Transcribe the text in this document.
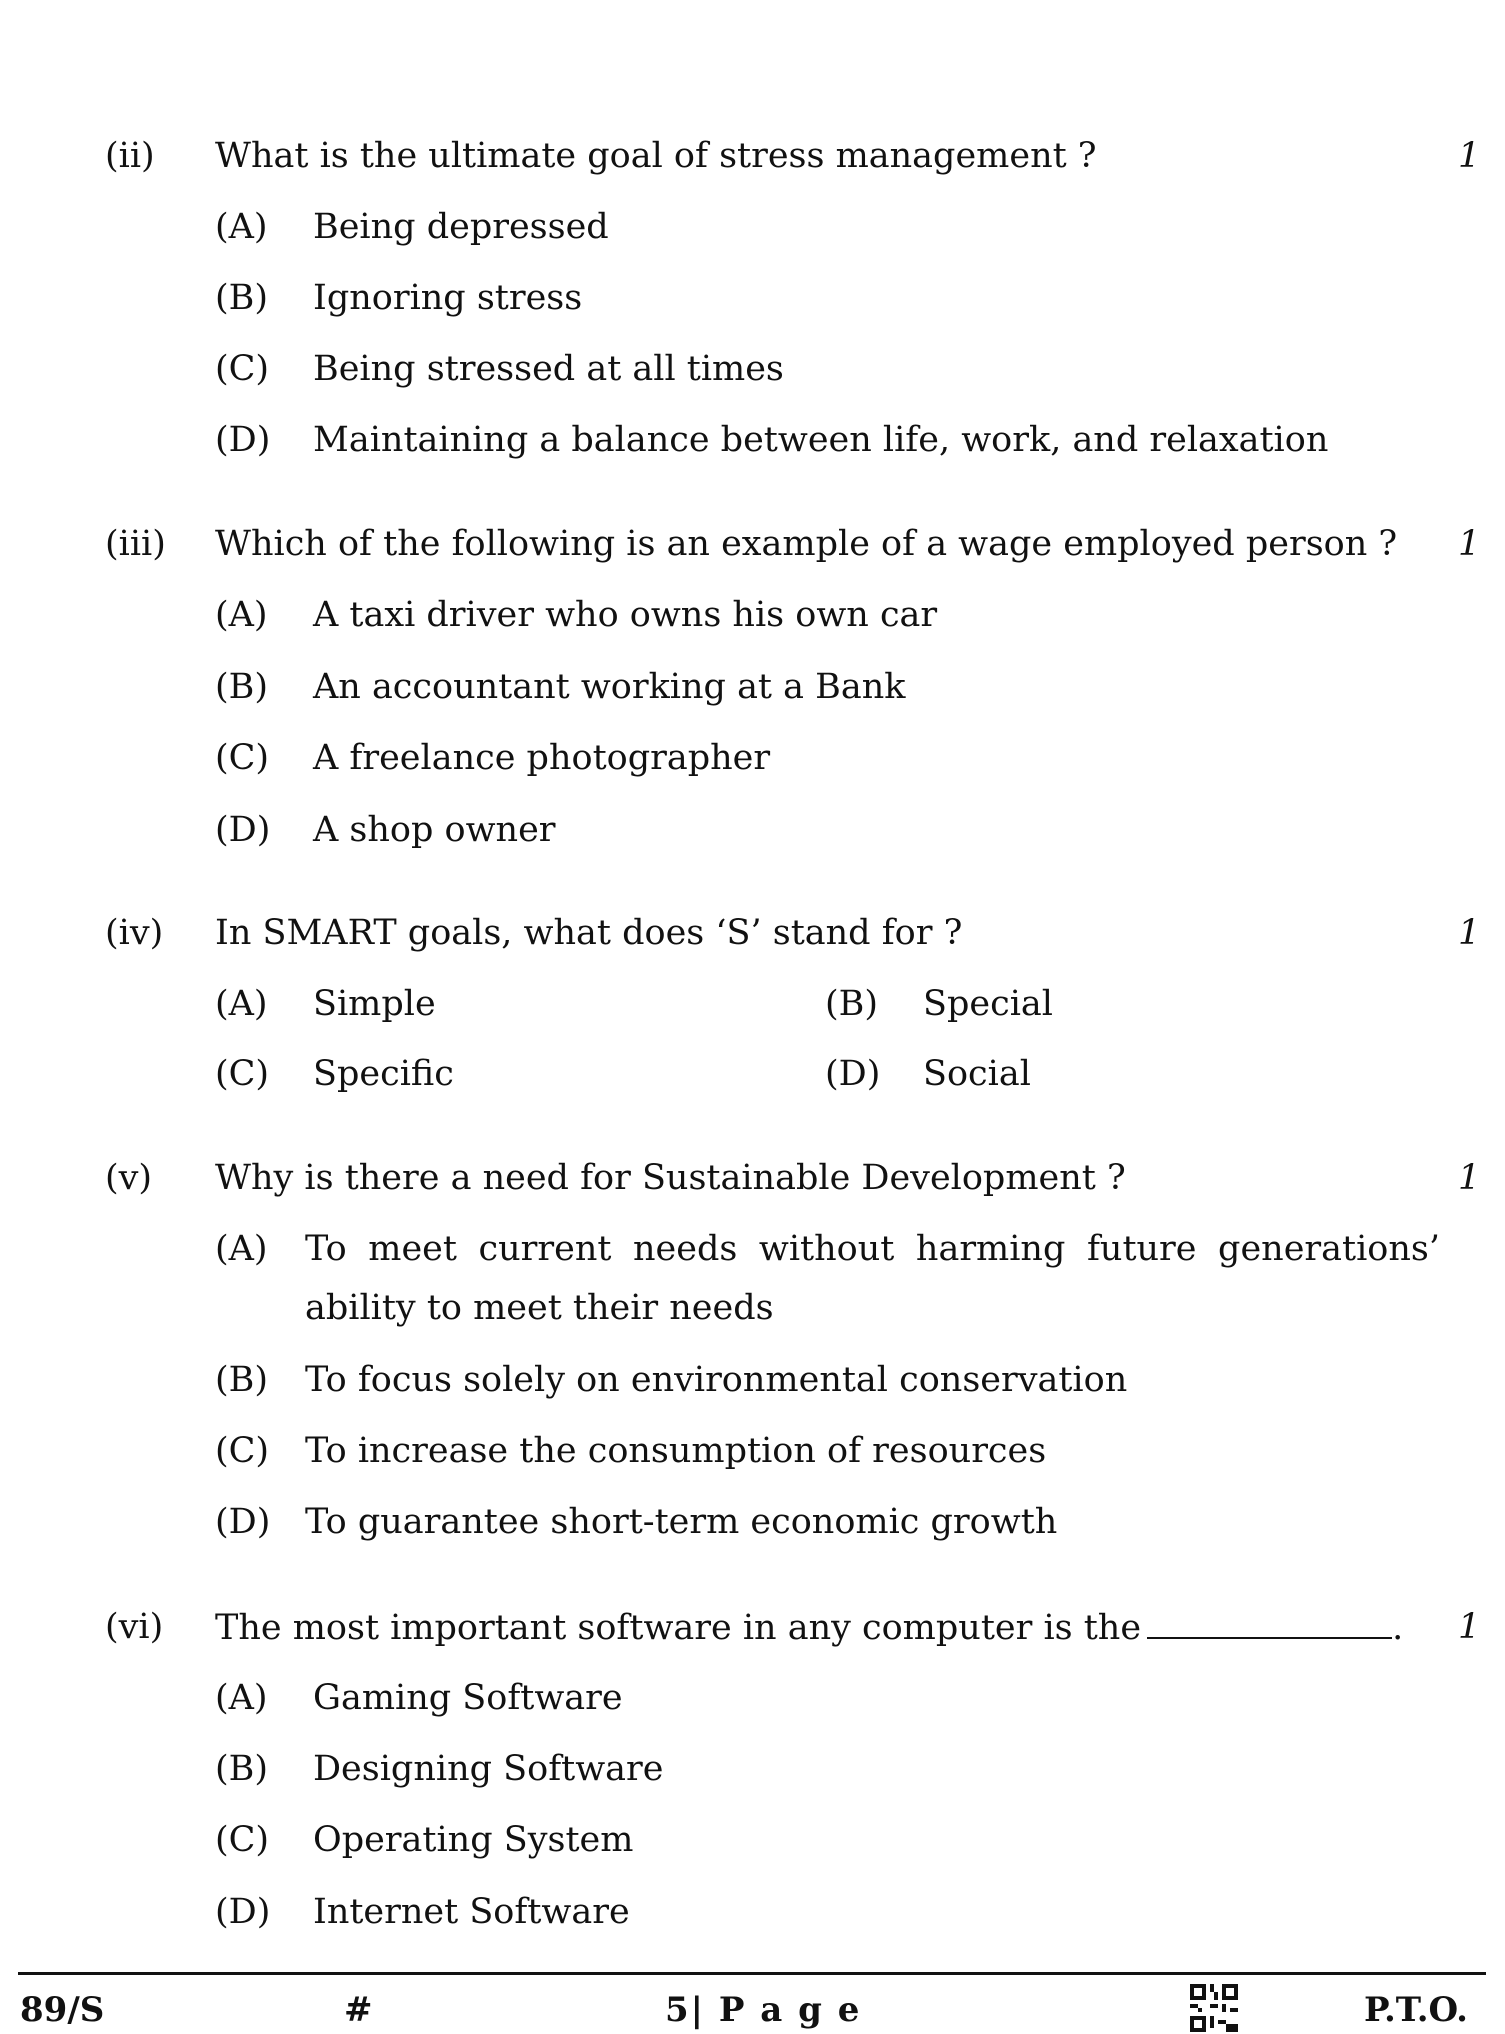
(ii) What is the ultimate goal of stress management ?	1
(A) Being depressed
(B) Ignoring stress
(C) Being stressed at all times
(D) Maintaining a balance between life, work, and relaxation
(iii) Which of the following is an example of a wage employed person ? 1
(A) A taxi driver who owns his own car
(B) An accountant working at a Bank
(C) A freelance photographer
(D) A shop owner
(iv) In SMART goals, what does ‘S’ stand for ?	1
(A) Simple	(B) Special
(C) Specific	(D) Social
(v) Why is there a need for Sustainable Development ?	1
(A) To meet current needs without harming future generations’
ability to meet their needs
(B) To focus solely on environmental conservation
(C) To increase the consumption of resources
(D) To guarantee short-term economic growth
(vi) The most important software in any computer is the	. 1
(A) Gaming Software
(B) Designing Software
(C) Operating System
(D) Internet Software
89/S	#	5| P a g e	P.T.O.
